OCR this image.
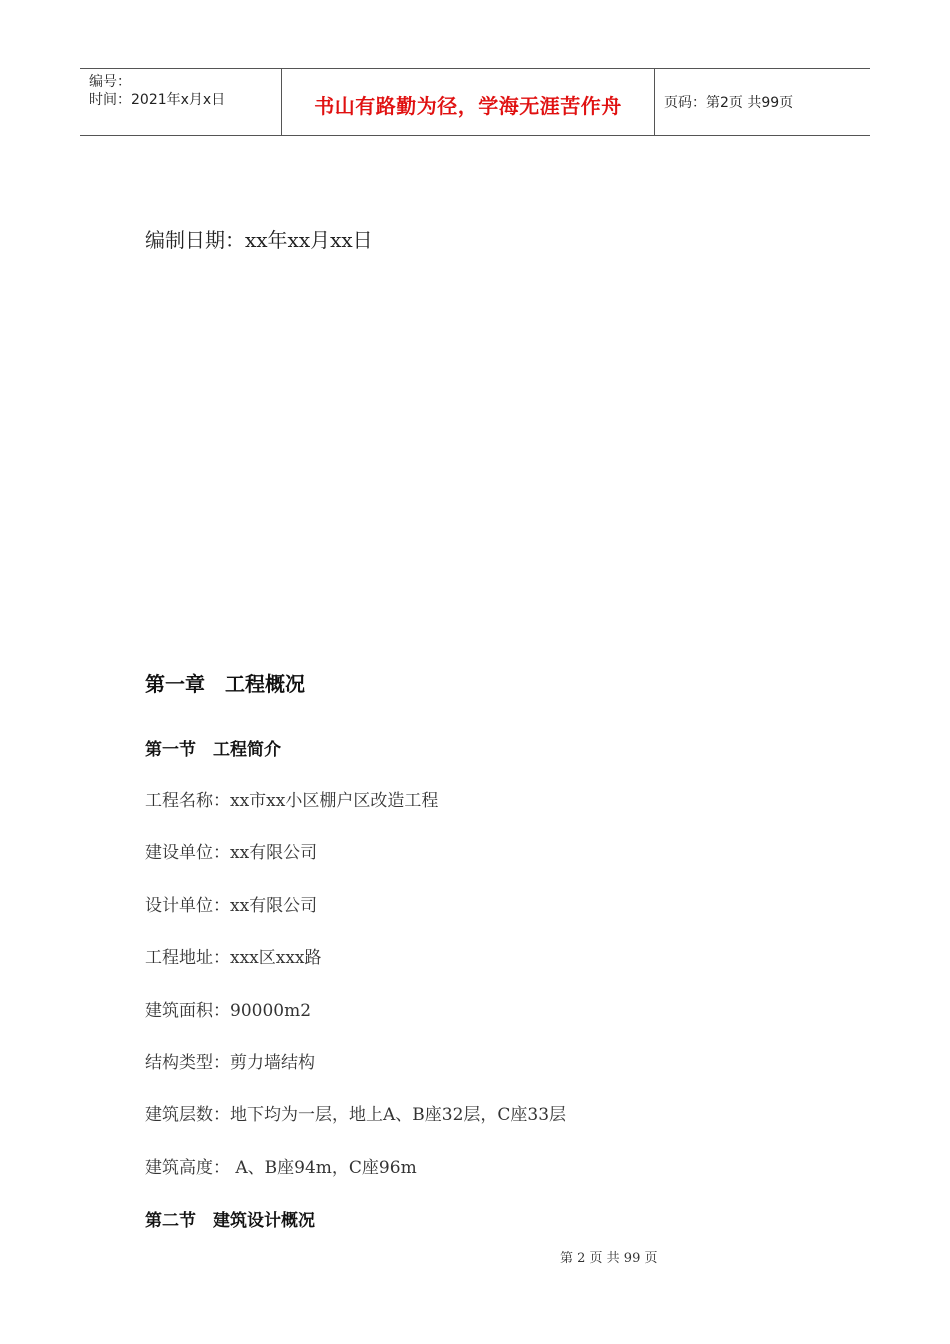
编号：
时间：2021年x月x日	书山有路勤为径，学海无涯苦作舟	页码：第2页 共99页
编制日期：xx年xx月xx日
第一章　工程概况
第一节　工程简介
工程名称：xx市xx小区棚户区改造工程
建设单位：xx有限公司
设计单位：xx有限公司
工程地址：xxx区xxx路
建筑面积：90000m2
结构类型：剪力墙结构
建筑层数：地下均为一层，地上A、B座32层，C座33层
建筑高度： A、B座94m，C座96m
第二节　建筑设计概况
第 2 页 共 99 页
